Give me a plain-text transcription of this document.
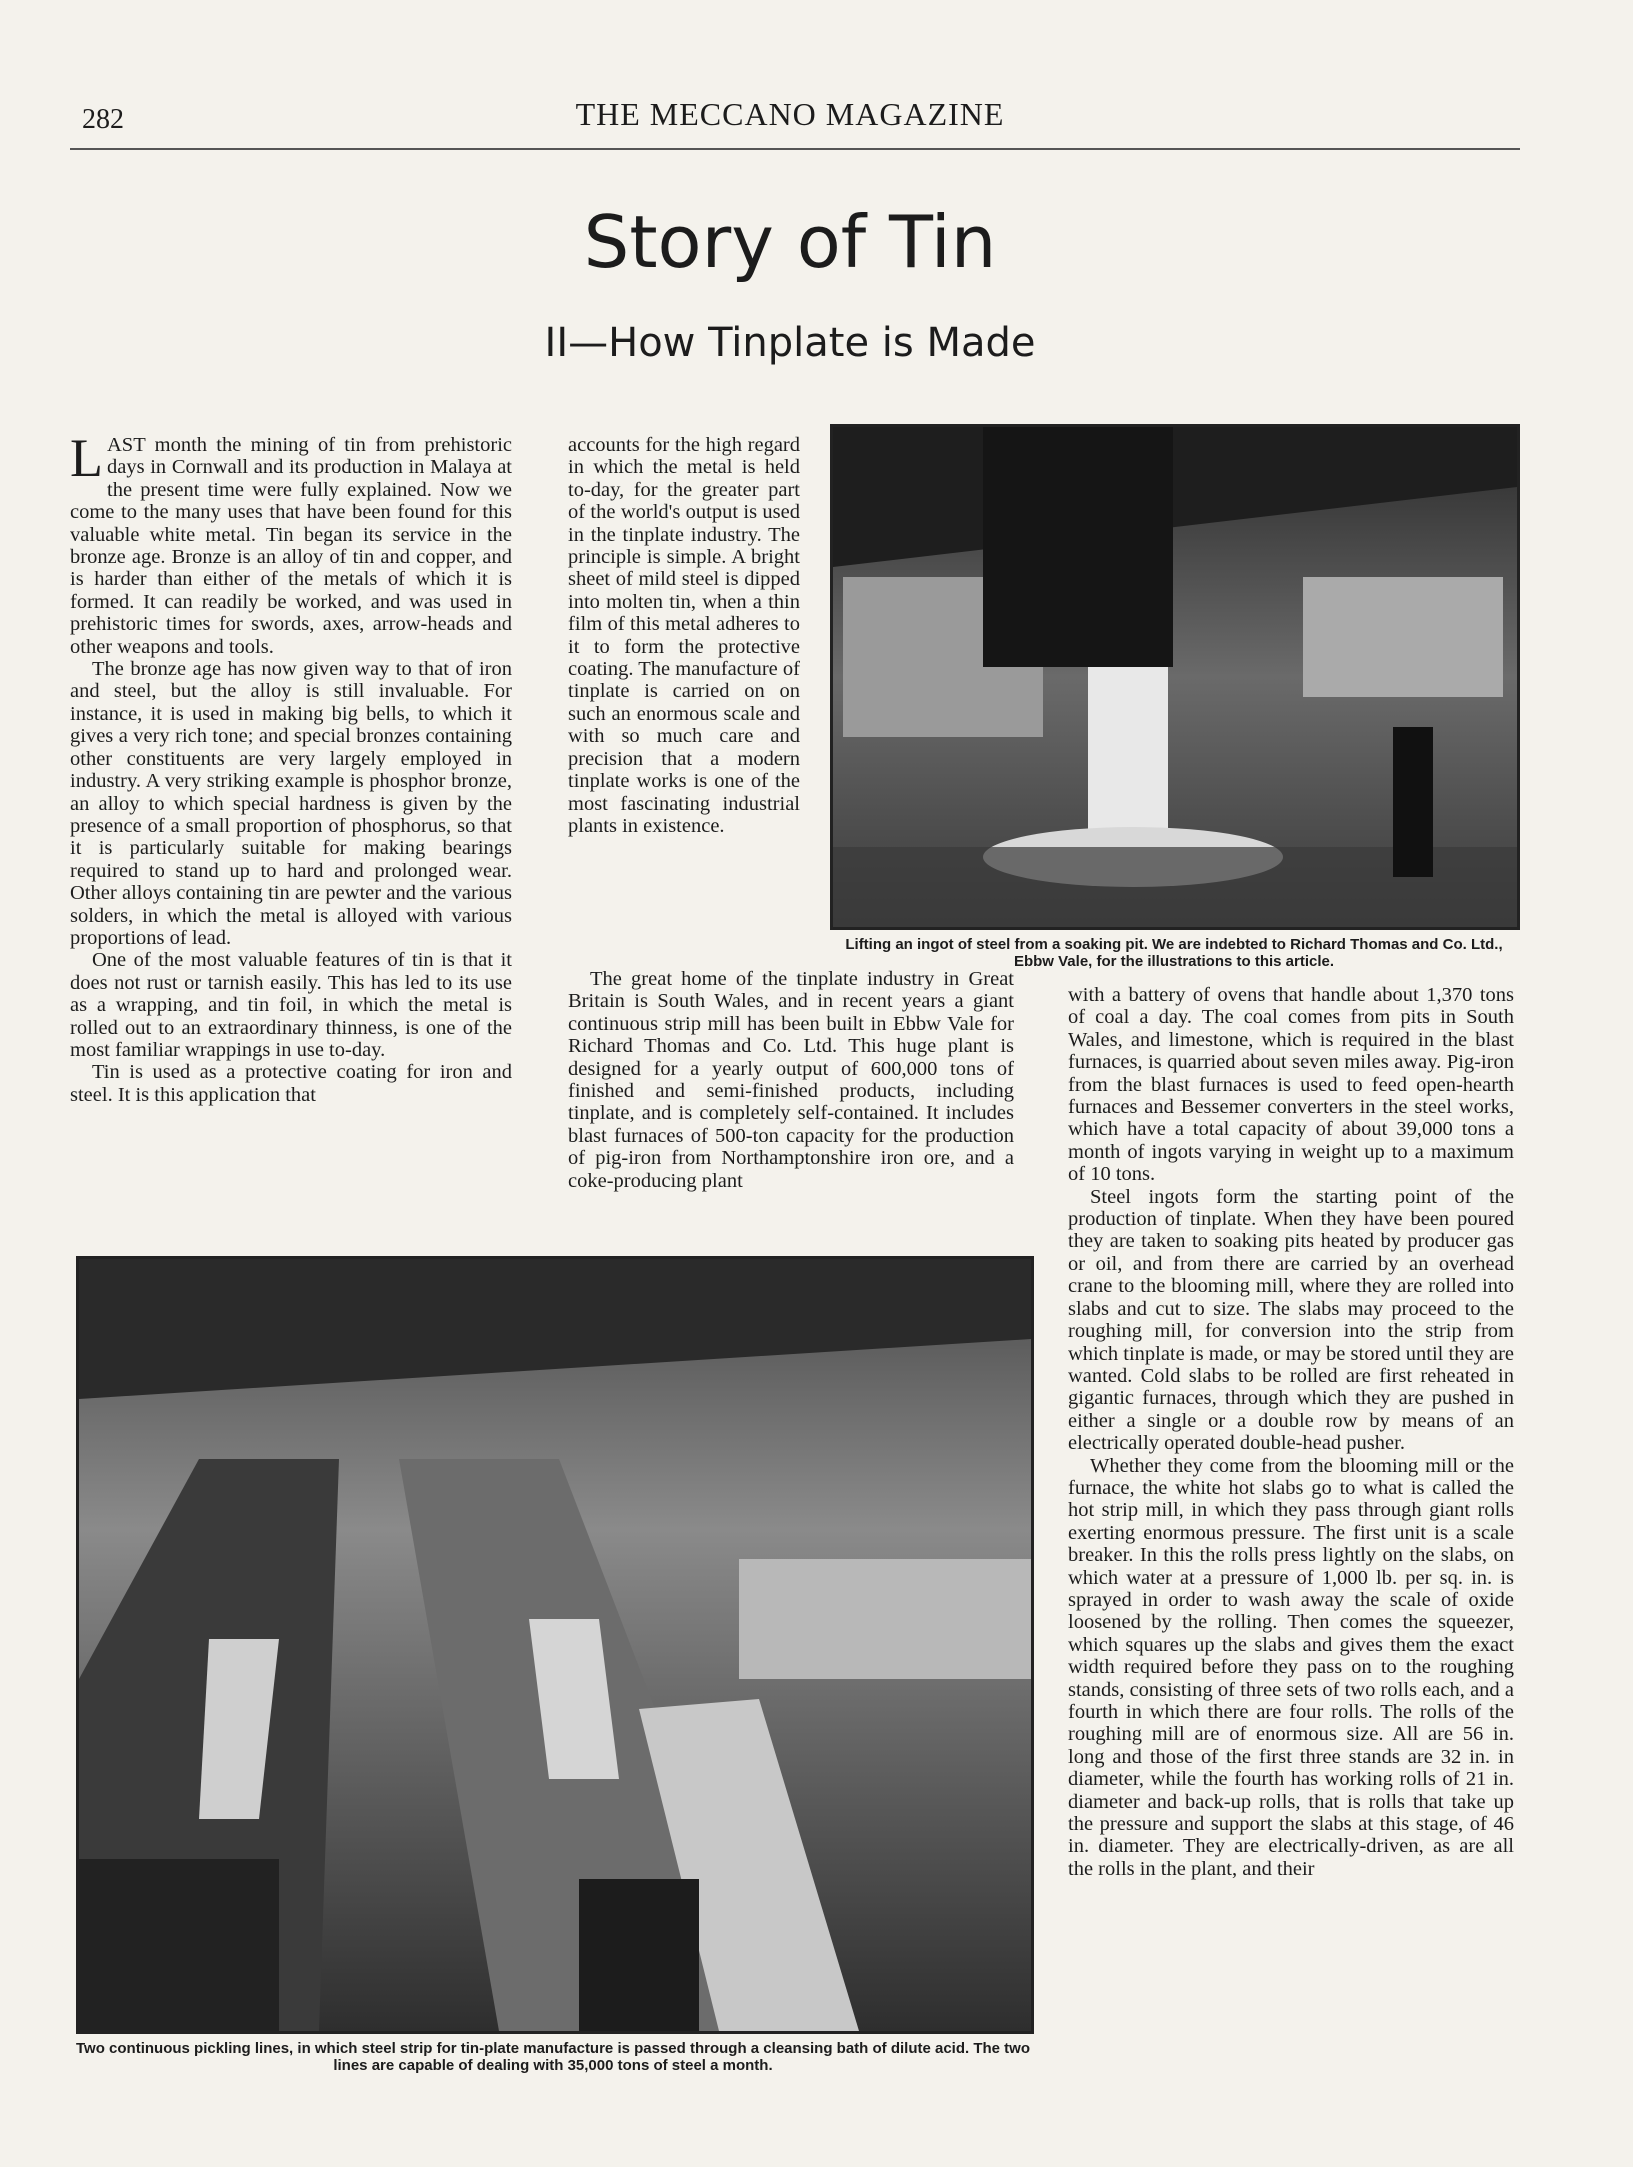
282	THE MECCANO MAGAZINE
Story of Tin
II—How Tinplate is Made

LAST month the mining of tin from prehistoric days in Cornwall and its production in Malaya at the present time were fully explained. Now we come to the many uses that have been found for this valuable white metal. Tin began its service in the bronze age. Bronze is an alloy of tin and copper, and is harder than either of the metals of which it is formed. It can readily be worked, and was used in prehistoric times for swords, axes, arrow-heads and other weapons and tools.

The bronze age has now given way to that of iron and steel, but the alloy is still invaluable. For instance, it is used in making big bells, to which it gives a very rich tone; and special bronzes containing other constituents are very largely employed in industry. A very striking example is phosphor bronze, an alloy to which special hardness is given by the presence of a small proportion of phosphorus, so that it is particularly suitable for making bearings required to stand up to hard and prolonged wear. Other alloys containing tin are pewter and the various solders, in which the metal is alloyed with various proportions of lead.

One of the most valuable features of tin is that it does not rust or tarnish easily. This has led to its use as a wrapping, and tin foil, in which the metal is rolled out to an extraordinary thinness, is one of the most familiar wrappings in use to-day.

Tin is used as a protective coating for iron and steel. It is this application that

accounts for the high regard in which the metal is held to-day, for the greater part of the world's output is used in the tinplate industry. The principle is simple. A bright sheet of mild steel is dipped into molten tin, when a thin film of this metal adheres to it to form the protective coating. The manufacture of tinplate is carried on on such an enormous scale and with so much care and precision that a modern tinplate works is one of the most fascinating industrial plants in existence.

The great home of the tinplate industry in Great Britain is South Wales, and in recent years a giant continuous strip mill has been built in Ebbw Vale for Richard Thomas and Co. Ltd. This huge plant is designed for a yearly output of 600,000 tons of finished and semi-finished products, including tinplate, and is completely self-contained. It includes blast furnaces of 500-ton capacity for the production of pig-iron from Northamptonshire iron ore, and a coke-producing plant

with a battery of ovens that handle about 1,370 tons of coal a day. The coal comes from pits in South Wales, and limestone, which is required in the blast furnaces, is quarried about seven miles away. Pig-iron from the blast furnaces is used to feed open-hearth furnaces and Bessemer converters in the steel works, which have a total capacity of about 39,000 tons a month of ingots varying in weight up to a maximum of 10 tons.

Steel ingots form the starting point of the production of tinplate. When they have been poured they are taken to soaking pits heated by producer gas or oil, and from there are carried by an overhead crane to the blooming mill, where they are rolled into slabs and cut to size. The slabs may proceed to the roughing mill, for conversion into the strip from which tinplate is made, or may be stored until they are wanted. Cold slabs to be rolled are first reheated in gigantic furnaces, through which they are pushed in either a single or a double row by means of an electrically operated double-head pusher.

Whether they come from the blooming mill or the furnace, the white hot slabs go to what is called the hot strip mill, in which they pass through giant rolls exerting enormous pressure. The first unit is a scale breaker. In this the rolls press lightly on the slabs, on which water at a pressure of 1,000 lb. per sq. in. is sprayed in order to wash away the scale of oxide loosened by the rolling. Then comes the squeezer, which squares up the slabs and gives them the exact width required before they pass on to the roughing stands, consisting of three sets of two rolls each, and a fourth in which there are four rolls. The rolls of the roughing mill are of enormous size. All are 56 in. long and those of the first three stands are 32 in. in diameter, while the fourth has working rolls of 21 in. diameter and back-up rolls, that is rolls that take up the pressure and support the slabs at this stage, of 46 in. diameter. They are electrically-driven, as are all the rolls in the plant, and their

Lifting an ingot of steel from a soaking pit. We are indebted to Richard Thomas and Co. Ltd., Ebbw Vale, for the illustrations to this article.
Two continuous pickling lines, in which steel strip for tin-plate manufacture is passed through a cleansing bath of dilute acid. The two lines are capable of dealing with 35,000 tons of steel a month.
